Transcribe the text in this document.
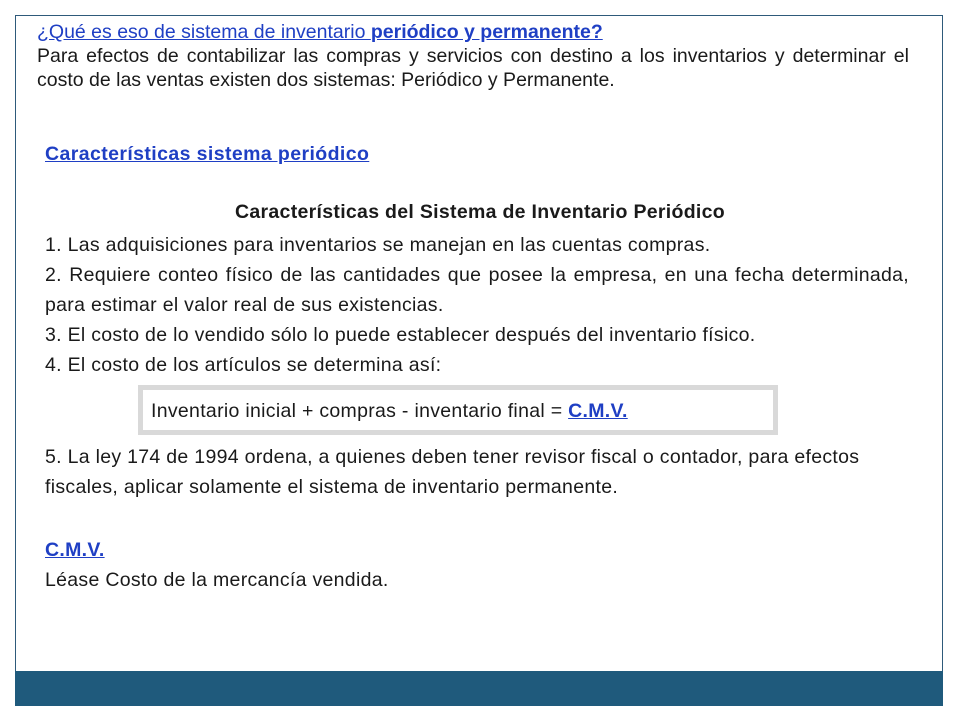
¿Qué es eso de sistema de inventario periódico y permanente?
Para efectos de contabilizar las compras y servicios con destino a los inventarios y determinar el costo de las ventas existen dos sistemas: Periódico y Permanente.
Características sistema periódico
Características del Sistema de Inventario Periódico

1. Las adquisiciones para inventarios se manejan en las cuentas compras.

2. Requiere conteo físico de las cantidades que posee la empresa, en una fecha determinada, para estimar el valor real de sus existencias.

3. El costo de lo vendido sólo lo puede establecer después del inventario físico.

4. El costo de los artículos se determina así:

Inventario inicial + compras - inventario final = C.M.V.
5. La ley 174 de 1994 ordena, a quienes deben tener revisor fiscal o contador, para efectos fiscales, aplicar solamente el sistema de inventario permanente.
C.M.V.
Léase Costo de la mercancía vendida.
